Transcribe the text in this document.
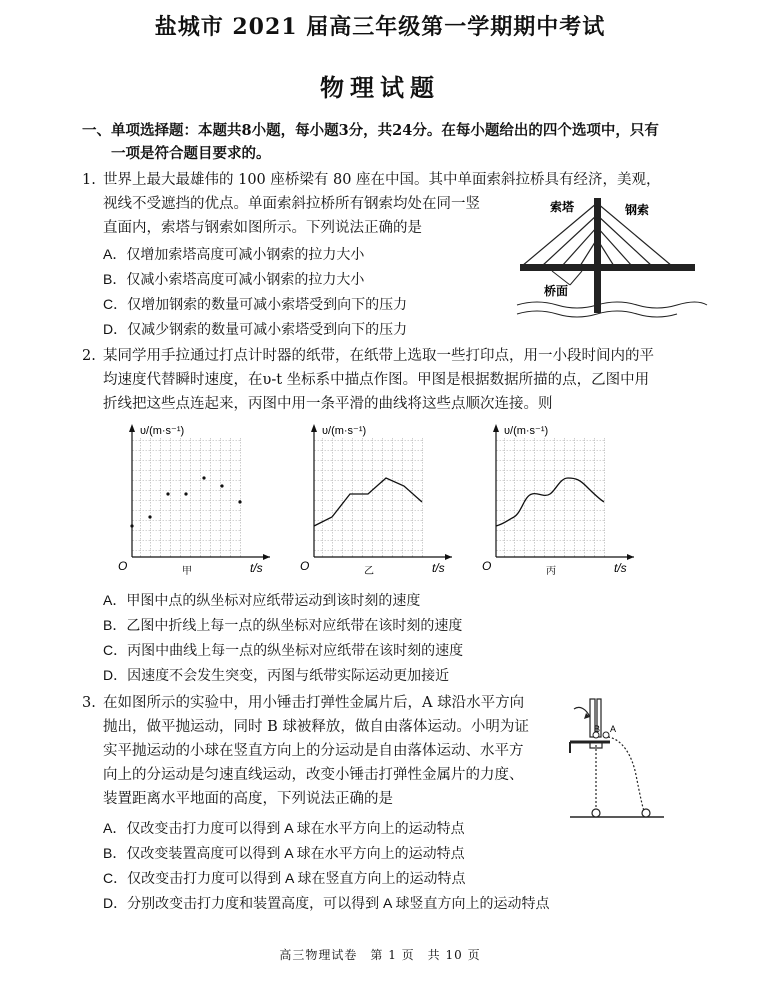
盐城市 2021 届高三年级第一学期期中考试
物理试题
一、单项选择题：本题共8小题，每小题3分，共24分。在每小题给出的四个选项中，只有
一项是符合题目要求的。
1. 世界上最大最雄伟的 100 座桥梁有 80 座在中国。其中单面索斜拉桥具有经济，美观，
视线不受遮挡的优点。单面索斜拉桥所有钢索均处在同一竖
直面内，索塔与钢索如图所示。下列说法正确的是
A．仅增加索塔高度可减小钢索的拉力大小
B．仅减小索塔高度可减小钢索的拉力大小
C．仅增加钢索的数量可减小索塔受到向下的压力
D．仅减少钢索的数量可减小索塔受到向下的压力
索塔	钢索
桥面
2. 某同学用手拉通过打点计时器的纸带，在纸带上选取一些打印点，用一小段时间内的平
均速度代替瞬时速度，在υ-t 坐标系中描点作图。甲图是根据数据所描的点，乙图中用
折线把这些点连起来，丙图中用一条平滑的曲线将这些点顺次连接。则
υ/(m·s⁻¹)
t/s
O	甲
υ/(m·s⁻¹)
t/s
O	乙
υ/(m·s⁻¹)
t/s
O	丙
A．甲图中点的纵坐标对应纸带运动到该时刻的速度
B．乙图中折线上每一点的纵坐标对应纸带在该时刻的速度
C．丙图中曲线上每一点的纵坐标对应纸带在该时刻的速度
D．因速度不会发生突变，丙图与纸带实际运动更加接近
3. 在如图所示的实验中，用小锤击打弹性金属片后，A 球沿水平方向
抛出，做平抛运动，同时 B 球被释放，做自由落体运动。小明为证
实平抛运动的小球在竖直方向上的分运动是自由落体运动、水平方
向上的分运动是匀速直线运动，改变小锤击打弹性金属片的力度、
装置距离水平地面的高度，下列说法正确的是
A．仅改变击打力度可以得到 A 球在水平方向上的运动特点
B．仅改变装置高度可以得到 A 球在水平方向上的运动特点
C．仅改变击打力度可以得到 A 球在竖直方向上的运动特点
D．分别改变击打力度和装置高度，可以得到 A 球竖直方向上的运动特点
B A
高三物理试卷　第 1 页　共 10 页
